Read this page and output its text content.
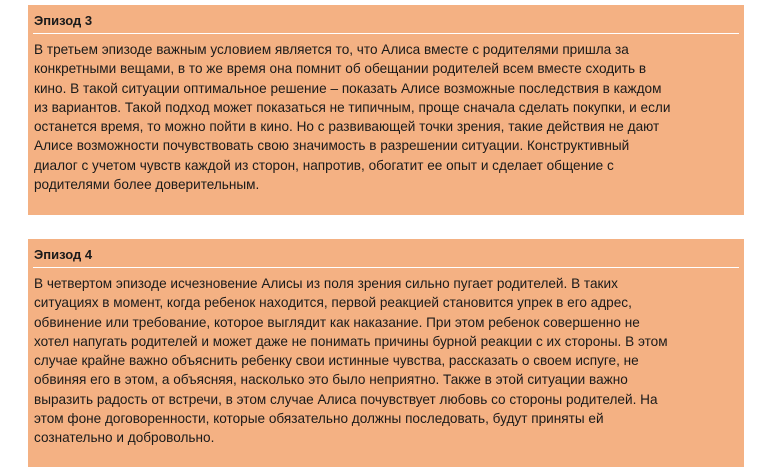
Эпизод 3
В третьем эпизоде важным условием является то, что Алиса вместе с родителями пришла за
конкретными вещами, в то же время она помнит об обещании родителей всем вместе сходить в
кино. В такой ситуации оптимальное решение – показать Алисе возможные последствия в каждом
из вариантов. Такой подход может показаться не типичным, проще сначала сделать покупки, и если
останется время, то можно пойти в кино. Но с развивающей точки зрения, такие действия не дают
Алисе возможности почувствовать свою значимость в разрешении ситуации. Конструктивный
диалог с учетом чувств каждой из сторон, напротив, обогатит ее опыт и сделает общение с
родителями более доверительным.
Эпизод 4
В четвертом эпизоде исчезновение Алисы из поля зрения сильно пугает родителей. В таких
ситуациях в момент, когда ребенок находится, первой реакцией становится упрек в его адрес,
обвинение или требование, которое выглядит как наказание. При этом ребенок совершенно не
хотел напугать родителей и может даже не понимать причины бурной реакции с их стороны. В этом
случае крайне важно объяснить ребенку свои истинные чувства, рассказать о своем испуге, не
обвиняя его в этом, а объясняя, насколько это было неприятно. Также в этой ситуации важно
выразить радость от встречи, в этом случае Алиса почувствует любовь со стороны родителей. На
этом фоне договоренности, которые обязательно должны последовать, будут приняты ей
сознательно и добровольно.
